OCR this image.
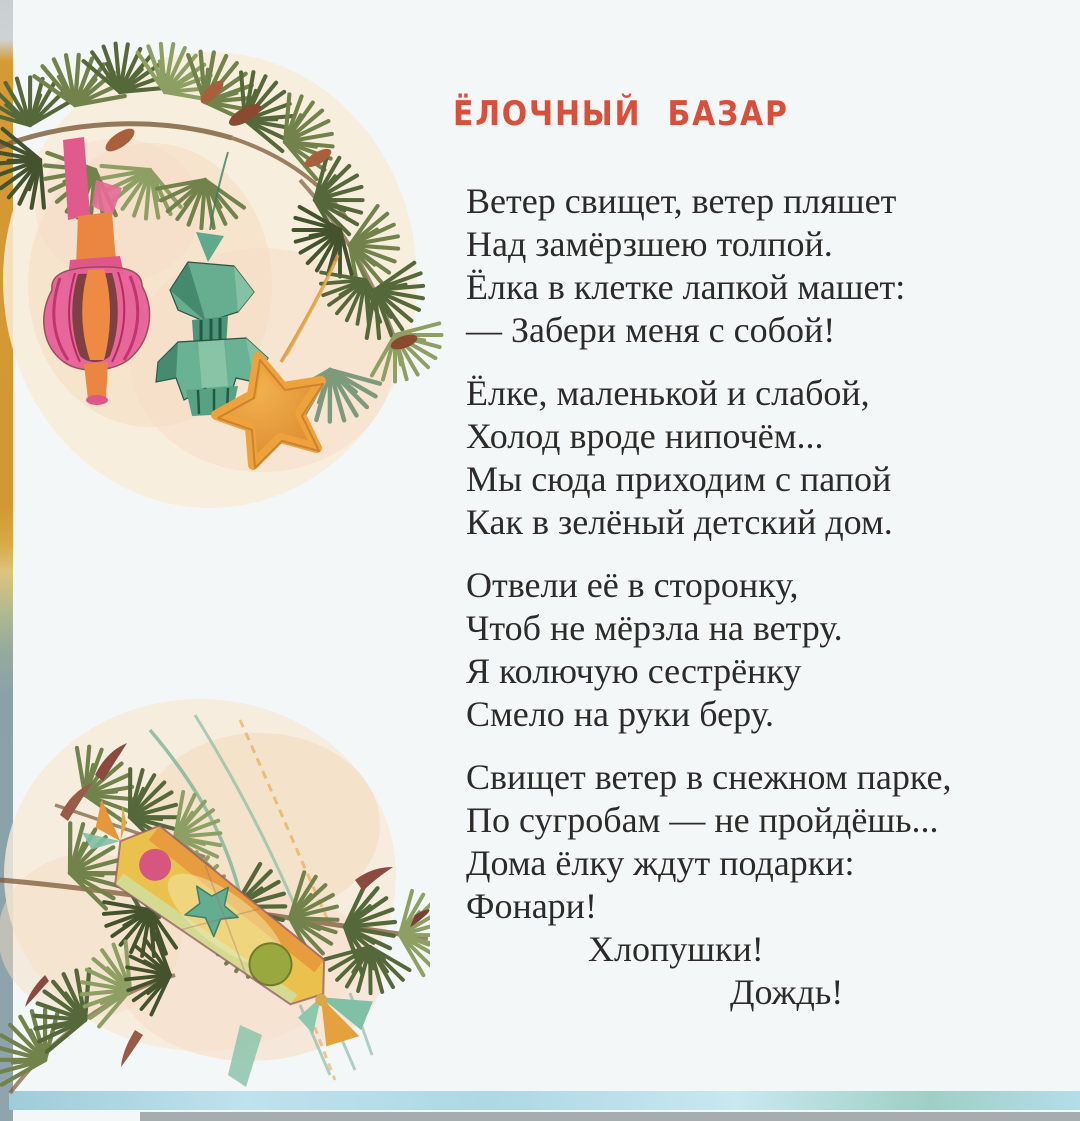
ЁЛОЧНЫЙ БАЗАР
Ветер свищет, ветер пляшет
Над замёрзшею толпой.
Ёлка в клетке лапкой машет:
— Забери меня с собой!
Ёлке, маленькой и слабой,
Холод вроде нипочём...
Мы сюда приходим с папой
Как в зелёный детский дом.
Отвели её в сторонку,
Чтоб не мёрзла на ветру.
Я колючую сестрёнку
Смело на руки беру.
Свищет ветер в снежном парке,
По сугробам — не пройдёшь...
Дома ёлку ждут подарки:
Фонари!
Хлопушки!
Дождь!
